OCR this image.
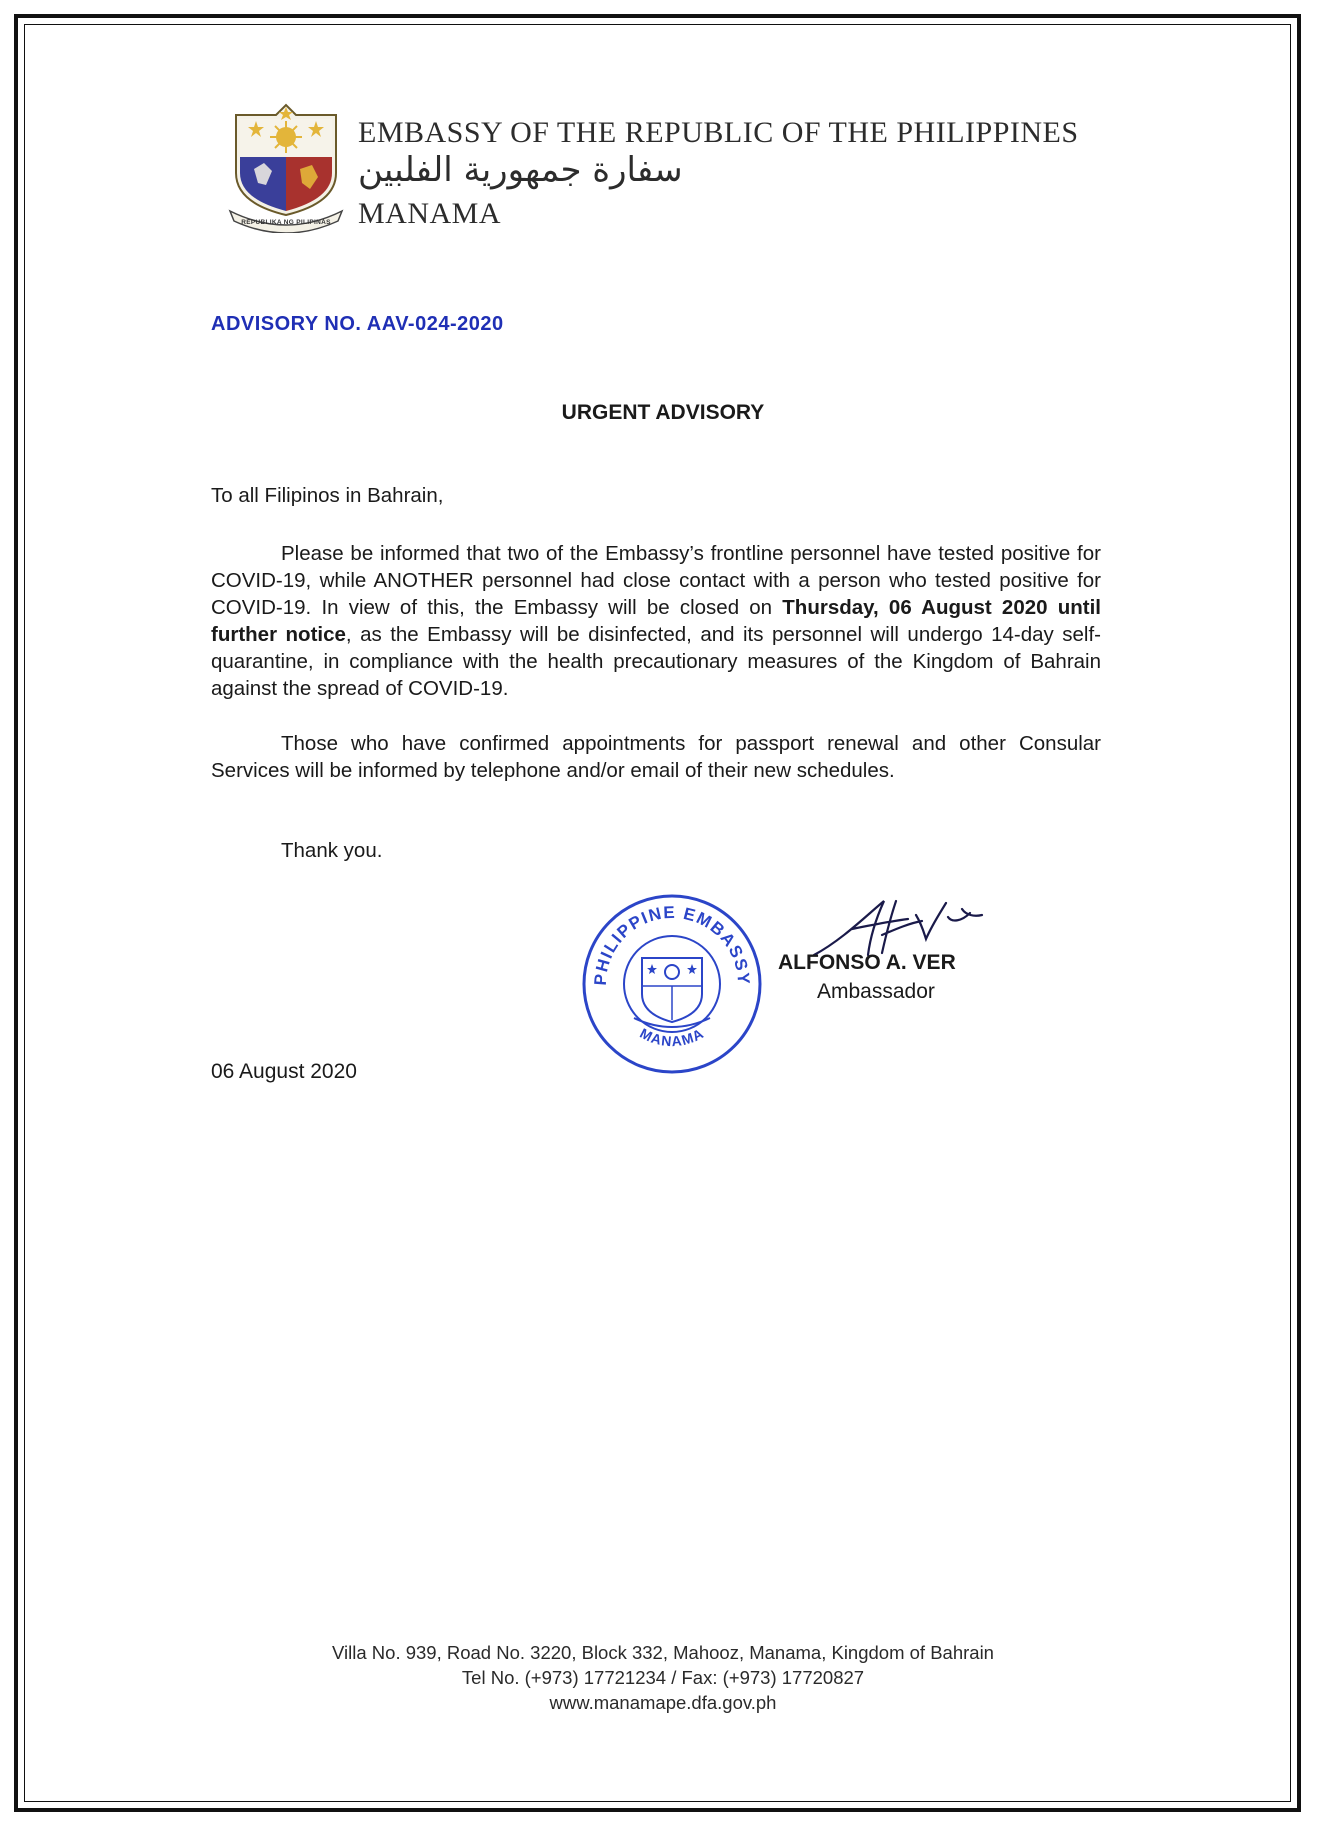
REPUBLIKA NG PILIPINAS
EMBASSY OF THE REPUBLIC OF THE PHILIPPINES
سفارة جمهورية الفلبين
MANAMA
ADVISORY NO. AAV-024-2020
URGENT ADVISORY
To all Filipinos in Bahrain,
Please be informed that two of the Embassy’s frontline personnel have tested positive for COVID-19, while ANOTHER personnel had close contact with a person who tested positive for COVID-19. In view of this, the Embassy will be closed on Thursday, 06 August 2020 until further notice, as the Embassy will be disinfected, and its personnel will undergo 14-day self-quarantine, in compliance with the health precautionary measures of the Kingdom of Bahrain against the spread of COVID-19.
Those who have confirmed appointments for passport renewal and other Consular Services will be informed by telephone and/or email of their new schedules.
Thank you.
PHILIPPINE EMBASSY
MANAMA
ALFONSO A. VER
Ambassador
06 August 2020
Villa No. 939, Road No. 3220, Block 332, Mahooz, Manama, Kingdom of Bahrain
Tel No. (+973) 17721234 / Fax: (+973) 17720827
www.manamape.dfa.gov.ph
